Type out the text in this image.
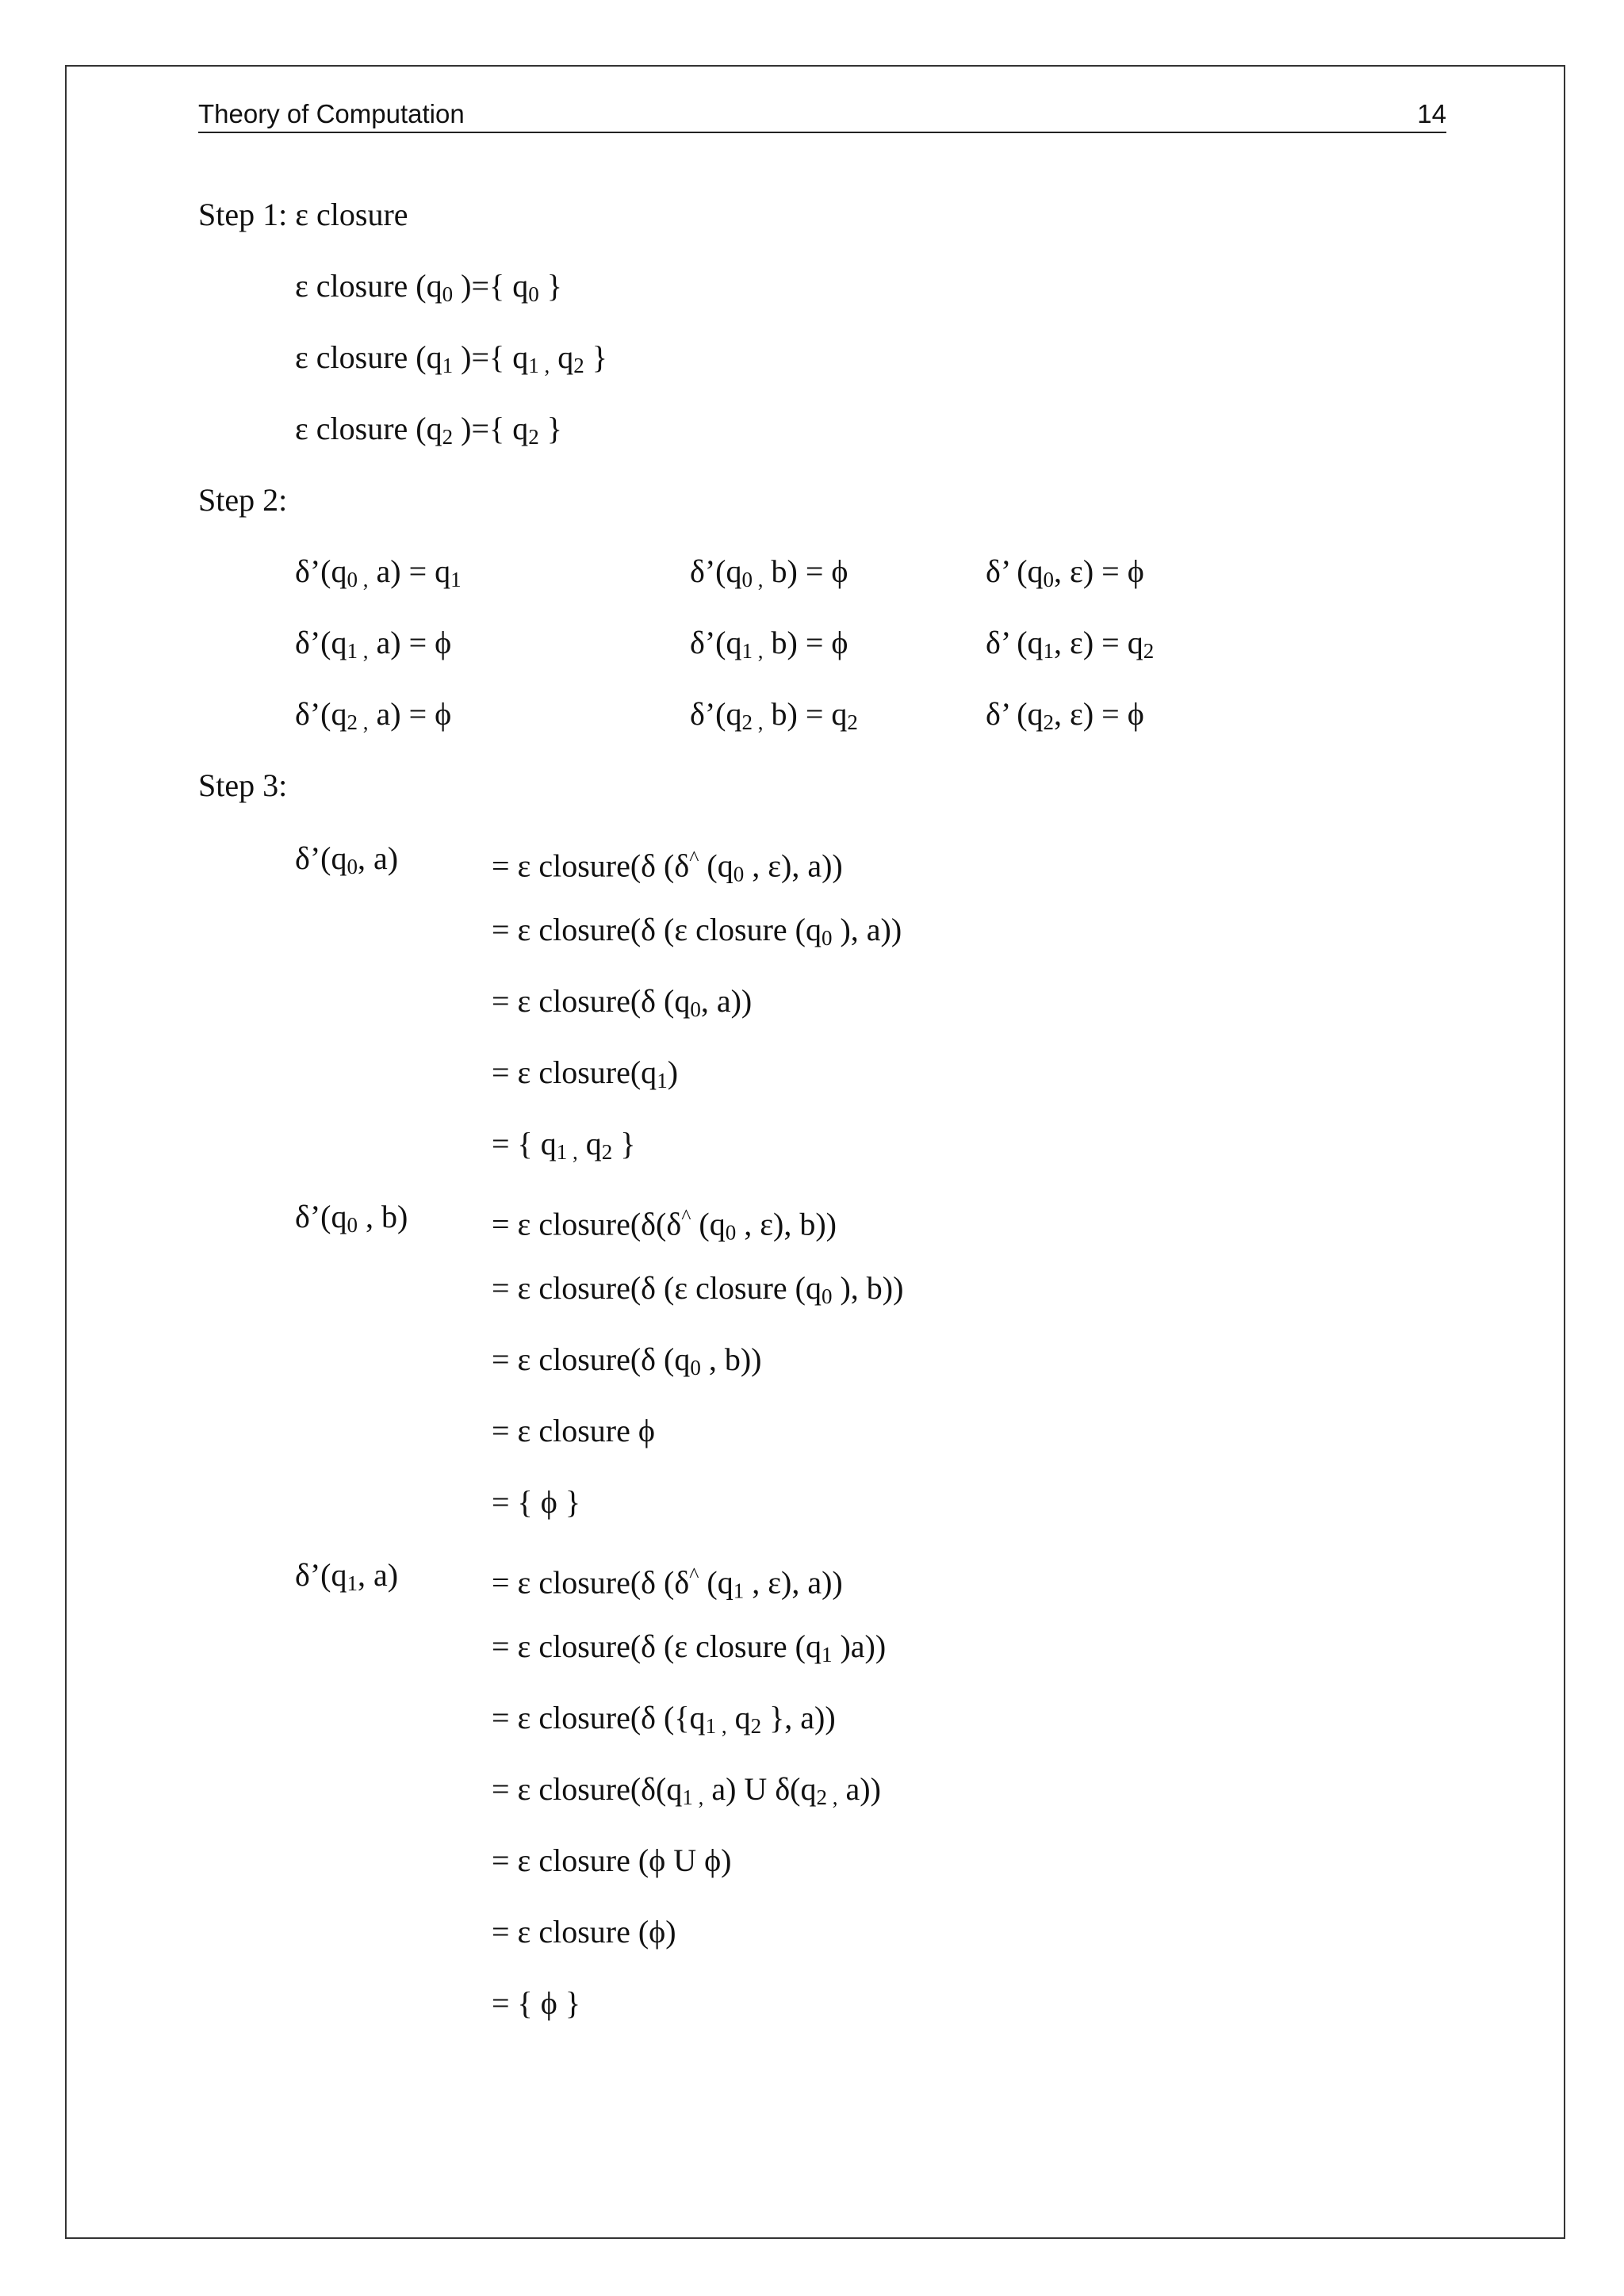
Theory of Computation	14
Step 1: ε closure
ε closure ($q_0$ )={ $q_0$ }
ε closure ($q_1$ )={ $q_{1 ,}$ $q_2$ }
ε closure ($q_2$ )={ $q_2$ }
Step 2:
$\delta’(q_{0 ,}$ $a) = q_1$	$\delta’(q_{0 ,}$ b) = ϕ	δ’ ($q_0$, ε) = ϕ
$\delta’(q_{1 ,}$ a) = ϕ	$\delta’(q_{1 ,}$ b) = ϕ	δ’ ($q_1$, $\varepsilon) = q_2$
$\delta’(q_{2 ,}$ a) = ϕ	$\delta’(q_{2 ,}$ $b) = q_2$	δ’ ($q_2$, ε) = ϕ
Step 3:
$\delta’(q_0$, a)	= ε closure(δ (δ^ ($q_0$ , ε), a))
= ε closure(δ (ε closure ($q_0$ ), a))
= ε closure(δ ($q_0$, a))
= ε $closure(q_1)$
= { $q_{1 ,}$ $q_2$ }
$\delta’(q_0$ , b)	= ε closure(δ(δ^ ($q_0$ , ε), b))
= ε closure(δ (ε closure ($q_0$ ), b))
= ε closure(δ ($q_0$ , b))
= ε closure ϕ
= { ϕ }
$\delta’(q_1$, a)	= ε closure(δ (δ^ ($q_1$ , ε), a))
= ε closure(δ (ε closure ($q_1$ )a))
= ε closure(δ ({$q_{1 ,}$ $q_2$ }, a))
= ε $closure(\delta(q_{1 ,}$ a) U $\delta(q_{2 ,}$ a))
= ε closure (ϕ U ϕ)
= ε closure (ϕ)
= { ϕ }
